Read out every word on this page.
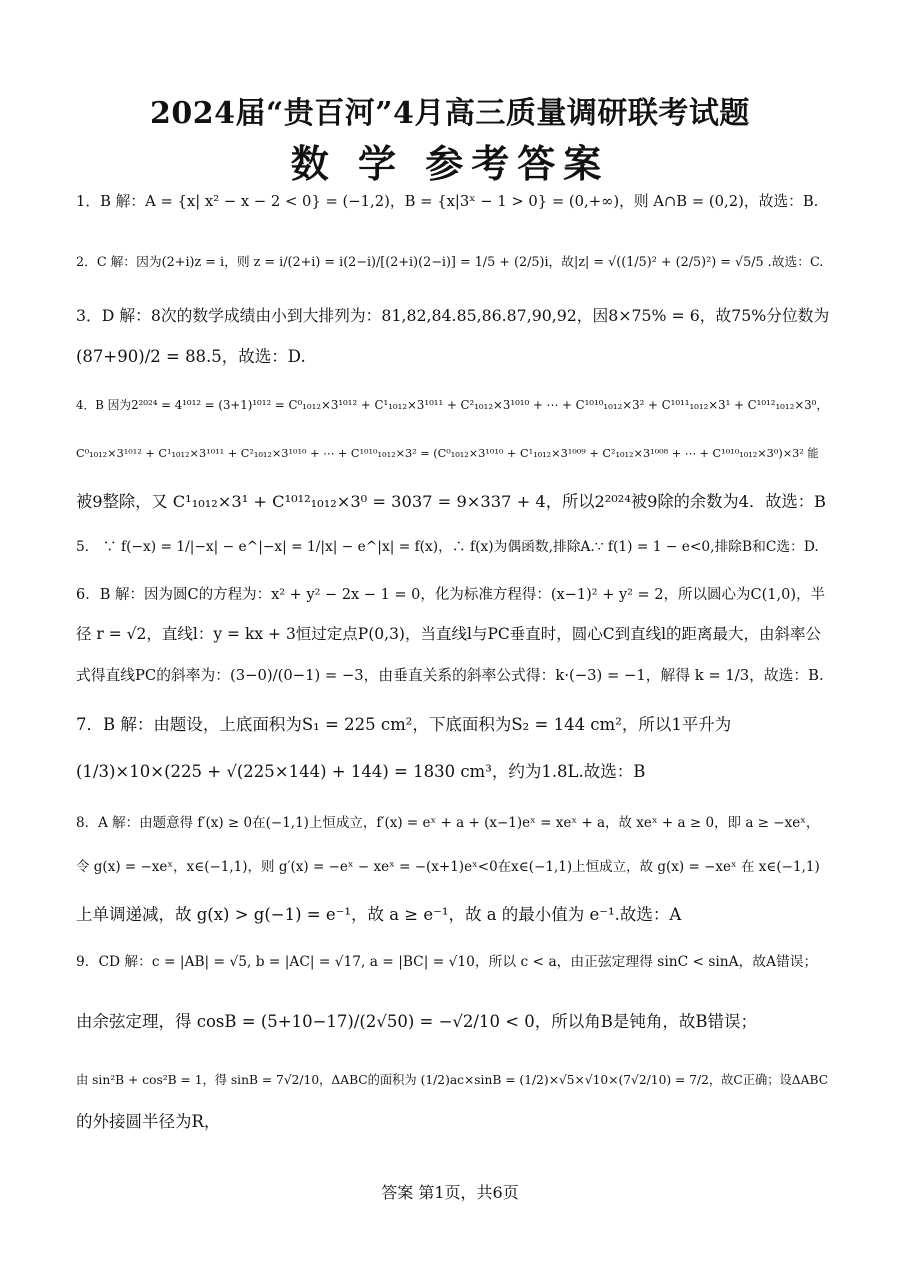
2024届“贵百河”4月高三质量调研联考试题
数 学 参考答案
1．B 解：A = {x| x² − x − 2 < 0} = (−1,2)，B = {x|3ˣ − 1 > 0} = (0,+∞)，则 A∩B = (0,2)，故选：B.
2．C 解：因为(2+i)z = i，则 z = i/(2+i) = i(2−i)/[(2+i)(2−i)] = 1/5 + (2/5)i，故|z| = √((1/5)² + (2/5)²) = √5/5 .故选：C.
3．D 解：8次的数学成绩由小到大排列为：81,82,84.85,86.87,90,92，因8×75% = 6，故75%分位数为
(87+90)/2 = 88.5，故选：D.
4．B 因为2²⁰²⁴ = 4¹⁰¹² = (3+1)¹⁰¹² = C⁰₁₀₁₂×3¹⁰¹² + C¹₁₀₁₂×3¹⁰¹¹ + C²₁₀₁₂×3¹⁰¹⁰ + ⋯ + C¹⁰¹⁰₁₀₁₂×3² + C¹⁰¹¹₁₀₁₂×3¹ + C¹⁰¹²₁₀₁₂×3⁰，
C⁰₁₀₁₂×3¹⁰¹² + C¹₁₀₁₂×3¹⁰¹¹ + C²₁₀₁₂×3¹⁰¹⁰ + ⋯ + C¹⁰¹⁰₁₀₁₂×3² = (C⁰₁₀₁₂×3¹⁰¹⁰ + C¹₁₀₁₂×3¹⁰⁰⁹ + C²₁₀₁₂×3¹⁰⁰⁸ + ⋯ + C¹⁰¹⁰₁₀₁₂×3⁰)×3² 能
被9整除，又 C¹₁₀₁₂×3¹ + C¹⁰¹²₁₀₁₂×3⁰ = 3037 = 9×337 + 4，所以2²⁰²⁴被9除的余数为4．故选：B
5． ∵ f(−x) = 1/|−x| − e^|−x| = 1/|x| − e^|x| = f(x)，∴ f(x)为偶函数,排除A.∵ f(1) = 1 − e<0,排除B和C选：D.
6．B 解：因为圆C的方程为：x² + y² − 2x − 1 = 0，化为标准方程得：(x−1)² + y² = 2，所以圆心为C(1,0)，半
径 r = √2，直线l：y = kx + 3恒过定点P(0,3)，当直线l与PC垂直时，圆心C到直线l的距离最大，由斜率公
式得直线PC的斜率为：(3−0)/(0−1) = −3，由垂直关系的斜率公式得：k·(−3) = −1，解得 k = 1/3，故选：B.
7．B 解：由题设，上底面积为S₁ = 225 cm²，下底面积为S₂ = 144 cm²，所以1平升为
(1/3)×10×(225 + √(225×144) + 144) = 1830 cm³，约为1.8L.故选：B
8．A 解：由题意得 f′(x) ≥ 0在(−1,1)上恒成立，f′(x) = eˣ + a + (x−1)eˣ = xeˣ + a，故 xeˣ + a ≥ 0，即 a ≥ −xeˣ，
令 g(x) = −xeˣ，x∈(−1,1)，则 g′(x) = −eˣ − xeˣ = −(x+1)eˣ<0在x∈(−1,1)上恒成立，故 g(x) = −xeˣ 在 x∈(−1,1)
上单调递减，故 g(x) > g(−1) = e⁻¹，故 a ≥ e⁻¹，故 a 的最小值为 e⁻¹.故选：A
9．CD 解：c = |AB| = √5, b = |AC| = √17, a = |BC| = √10，所以 c < a，由正弦定理得 sinC < sinA，故A错误；
由余弦定理，得 cosB = (5+10−17)/(2√50) = −√2/10 < 0，所以角B是钝角，故B错误；
由 sin²B + cos²B = 1，得 sinB = 7√2/10，ΔABC的面积为 (1/2)ac×sinB = (1/2)×√5×√10×(7√2/10) = 7/2，故C正确；设ΔABC
的外接圆半径为R，
答案 第1页，共6页
